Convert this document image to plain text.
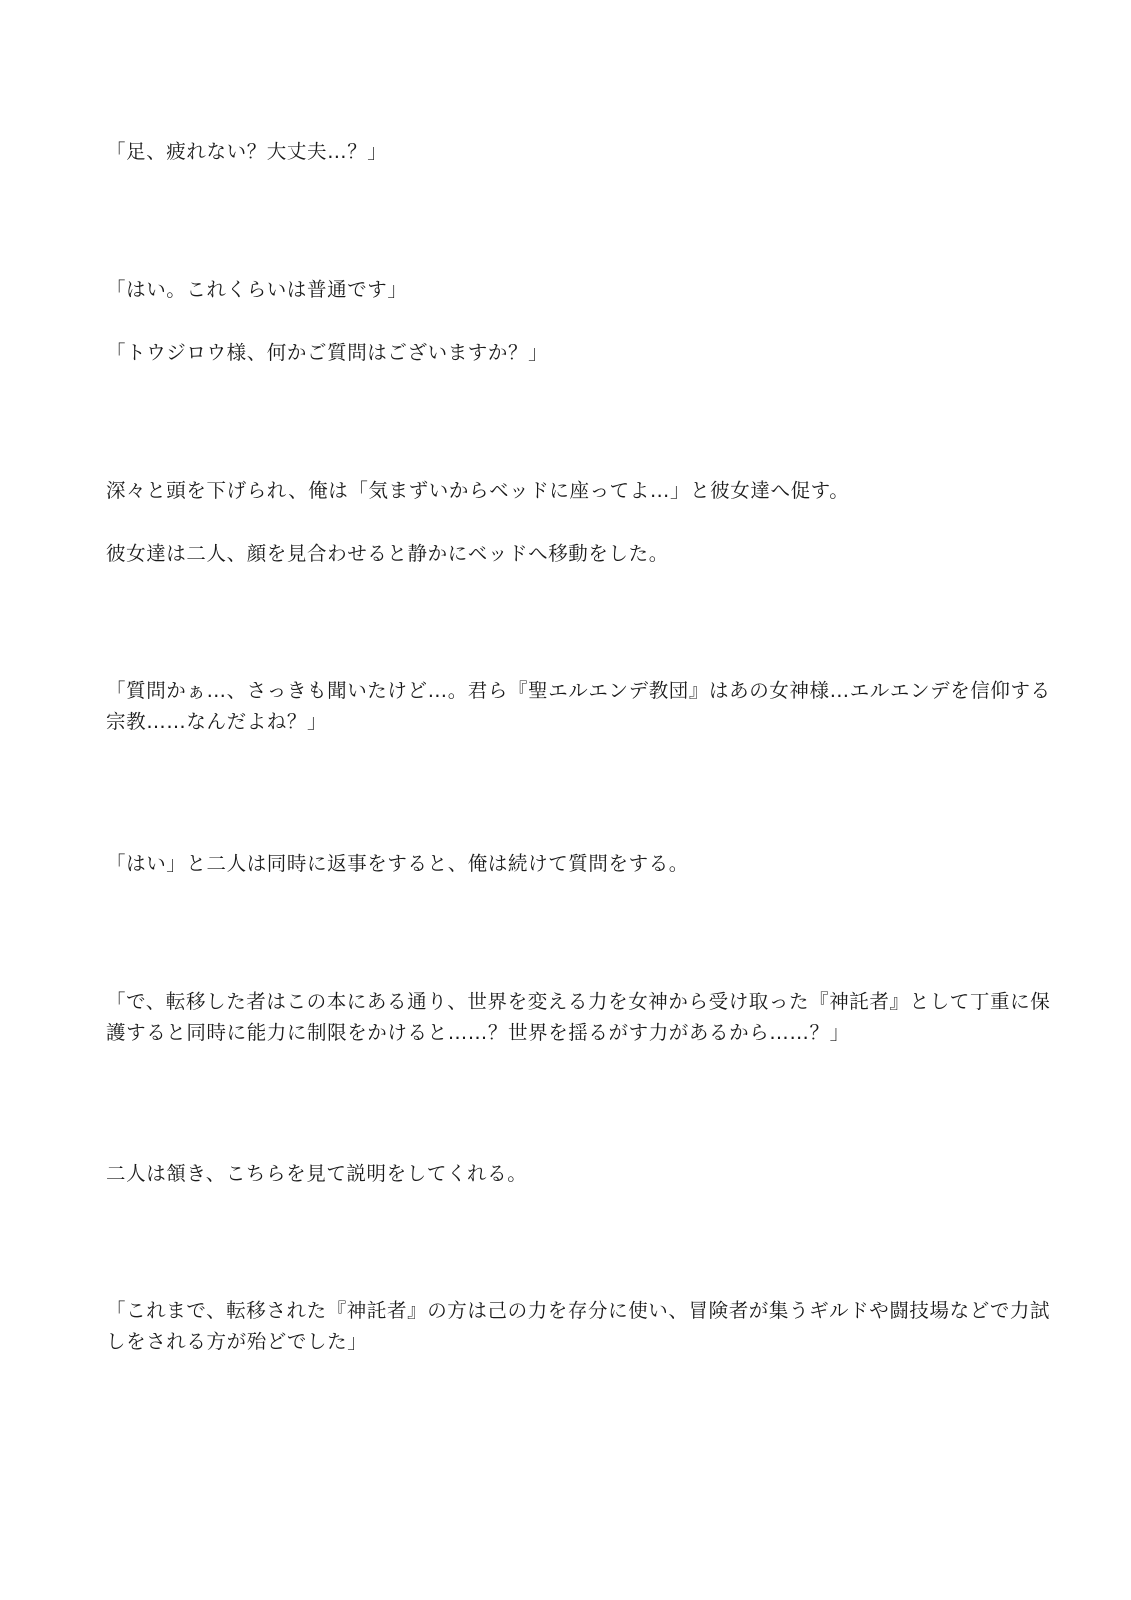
「足、疲れない？大丈夫…？」

「はい。これくらいは普通です」

「トウジロウ様、何かご質問はございますか？」

深々と頭を下げられ、俺は「気まずいからベッドに座ってよ…」と彼女達へ促す。

彼女達は二人、顔を見合わせると静かにベッドへ移動をした。

「質問かぁ…、さっきも聞いたけど…。君ら『聖エルエンデ教団』はあの女神様…エルエンデを信仰する
宗教……なんだよね？」

「はい」と二人は同時に返事をすると、俺は続けて質問をする。

「で、転移した者はこの本にある通り、世界を変える力を女神から受け取った『神託者』として丁重に保
護すると同時に能力に制限をかけると……？世界を揺るがす力があるから……？」

二人は頷き、こちらを見て説明をしてくれる。

「これまで、転移された『神託者』の方は己の力を存分に使い、冒険者が集うギルドや闘技場などで力試
しをされる方が殆どでした」
